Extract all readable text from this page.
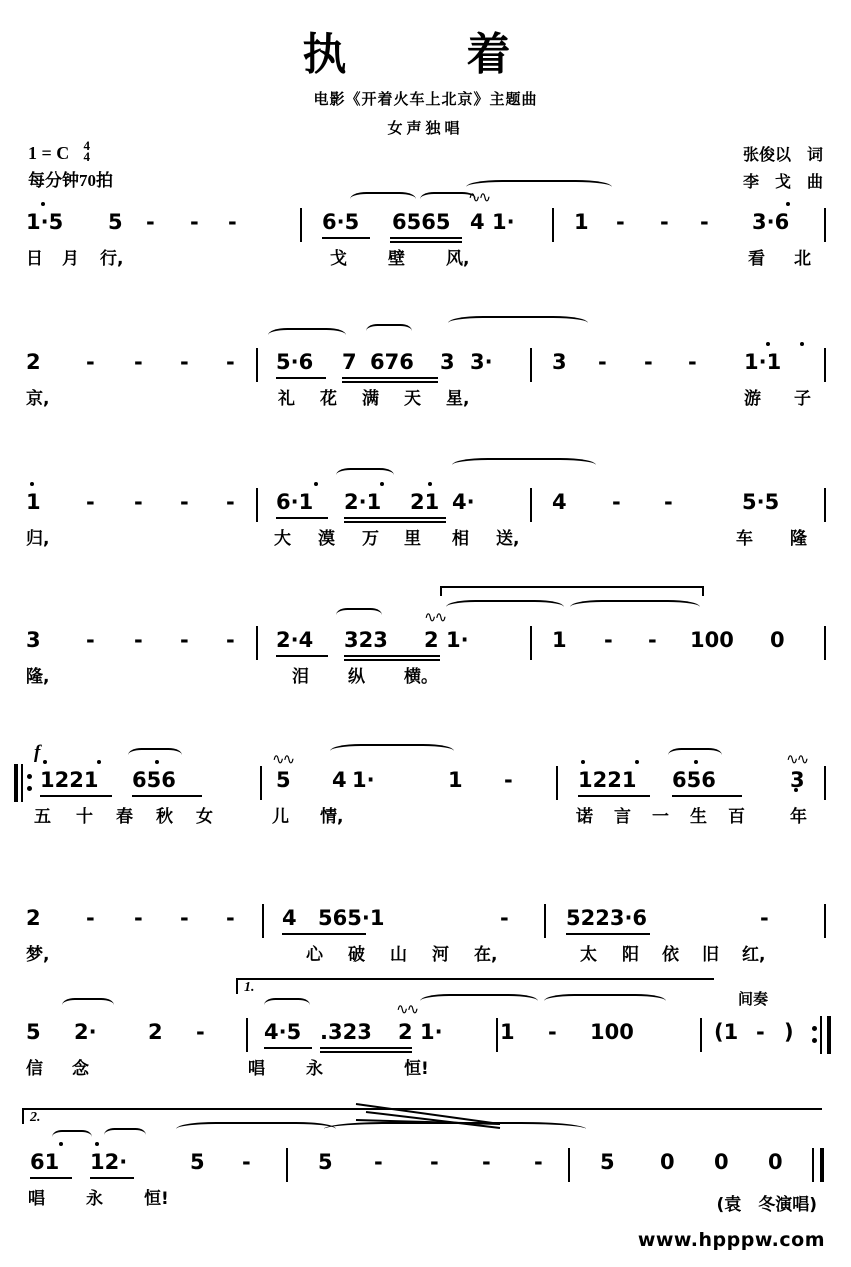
执　着
电影《开着火车上北京》主题曲
女声独唱
1 = C 4
4
每分钟70拍
张俊以　词
李　戈　曲
∿∿
1·5 5 - - -	6·5 6565 4 1·	1 - - - 3·6
日 月 行,	戈 壁 风,	看 北
2 - - - - 5·6 7 676 3 3·	3 - - - 1·1
京,	礼 花 满 天 星,	游 子
1 - - - - 6·1 2·1 21 4·	4 - -	5·5
归,	大 漠 万 里 相 送,	车 隆
∿∿
3 - - - - 2·4 323 2 1·	1 - - 100 0
隆,	泪 纵 横。
f	∿∿	∿∿
1221 656	5 4 1·	1 -	1221 656	3
五 十 春 秋 女	儿 情,	诺 言 一 生 百	年
2 - - - - 4 565·1	-	5223·6	-
梦,	心 破 山 河 在,	太 阳 依 旧 红,
1.
间奏
∿∿
5 2· 2 -	4·5 .323 2 1·	1 - 100	(1 - )
信 念	唱 永	恒!
2.
61 12·	5 -	5 - - - -	5 0 0 0
唱 永 恒!	(袁　冬演唱)
www.hpppw.com
